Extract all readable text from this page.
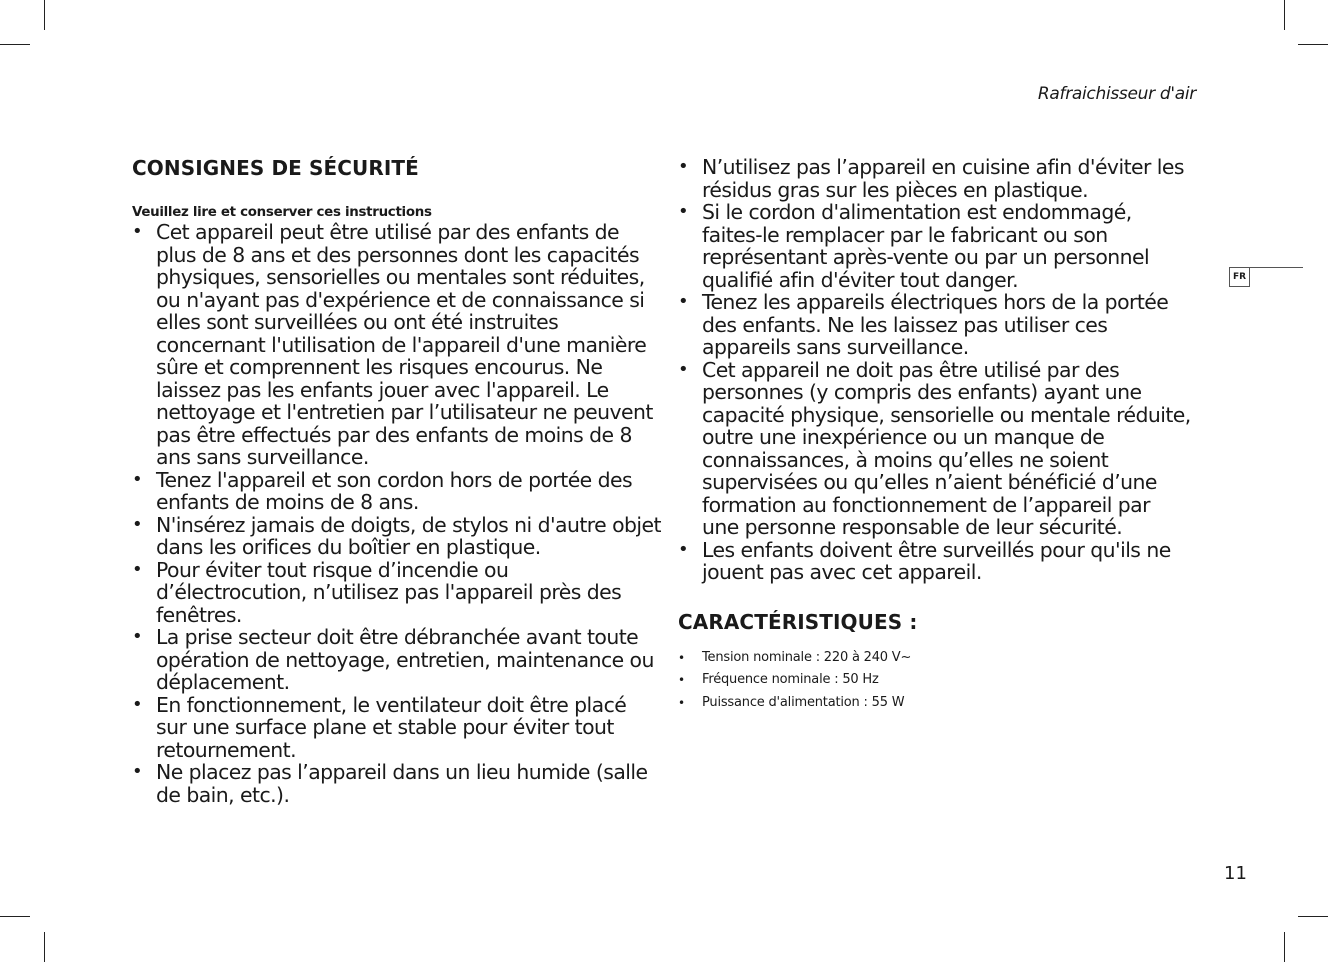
Rafraichisseur d'air
FR
CONSIGNES DE SÉCURITÉ

Veuillez lire et conserver ces instructions

• Cet appareil peut être utilisé par des enfants de plus de 8 ans et des personnes dont les capacités physiques, sensorielles ou mentales sont réduites, ou n'ayant pas d'expérience et de connaissance si elles sont surveillées ou ont été instruites concernant l'utilisation de l'appareil d'une manière sûre et comprennent les risques encourus. Ne laissez pas les enfants jouer avec l'appareil. Le nettoyage et l'entretien par l’utilisateur ne peuvent pas être effectués par des enfants de moins de 8 ans sans surveillance.
• Tenez l'appareil et son cordon hors de portée des enfants de moins de 8 ans.
• N'insérez jamais de doigts, de stylos ni d'autre objet dans les orifices du boîtier en plastique.
• Pour éviter tout risque d’incendie ou d’électrocution, n’utilisez pas l'appareil près des fenêtres.
• La prise secteur doit être débranchée avant toute opération de nettoyage, entretien, maintenance ou déplacement.
• En fonctionnement, le ventilateur doit être placé sur une surface plane et stable pour éviter tout retournement.
• Ne placez pas l’appareil dans un lieu humide (salle de bain, etc.).
• N’utilisez pas l’appareil en cuisine afin d'éviter les résidus gras sur les pièces en plastique.
• Si le cordon d'alimentation est endommagé, faites-le remplacer par le fabricant ou son représentant après-vente ou par un personnel qualifié afin d'éviter tout danger.
• Tenez les appareils électriques hors de la portée des enfants. Ne les laissez pas utiliser ces appareils sans surveillance.
• Cet appareil ne doit pas être utilisé par des personnes (y compris des enfants) ayant une capacité physique, sensorielle ou mentale réduite, outre une inexpérience ou un manque de connaissances, à moins qu’elles ne soient supervisées ou qu’elles n’aient bénéficié d’une formation au fonctionnement de l’appareil par une personne responsable de leur sécurité.
• Les enfants doivent être surveillés pour qu'ils ne jouent pas avec cet appareil.
CARACTÉRISTIQUES :
• Tension nominale : 220 à 240 V~
• Fréquence nominale : 50 Hz
• Puissance d'alimentation : 55 W
11
